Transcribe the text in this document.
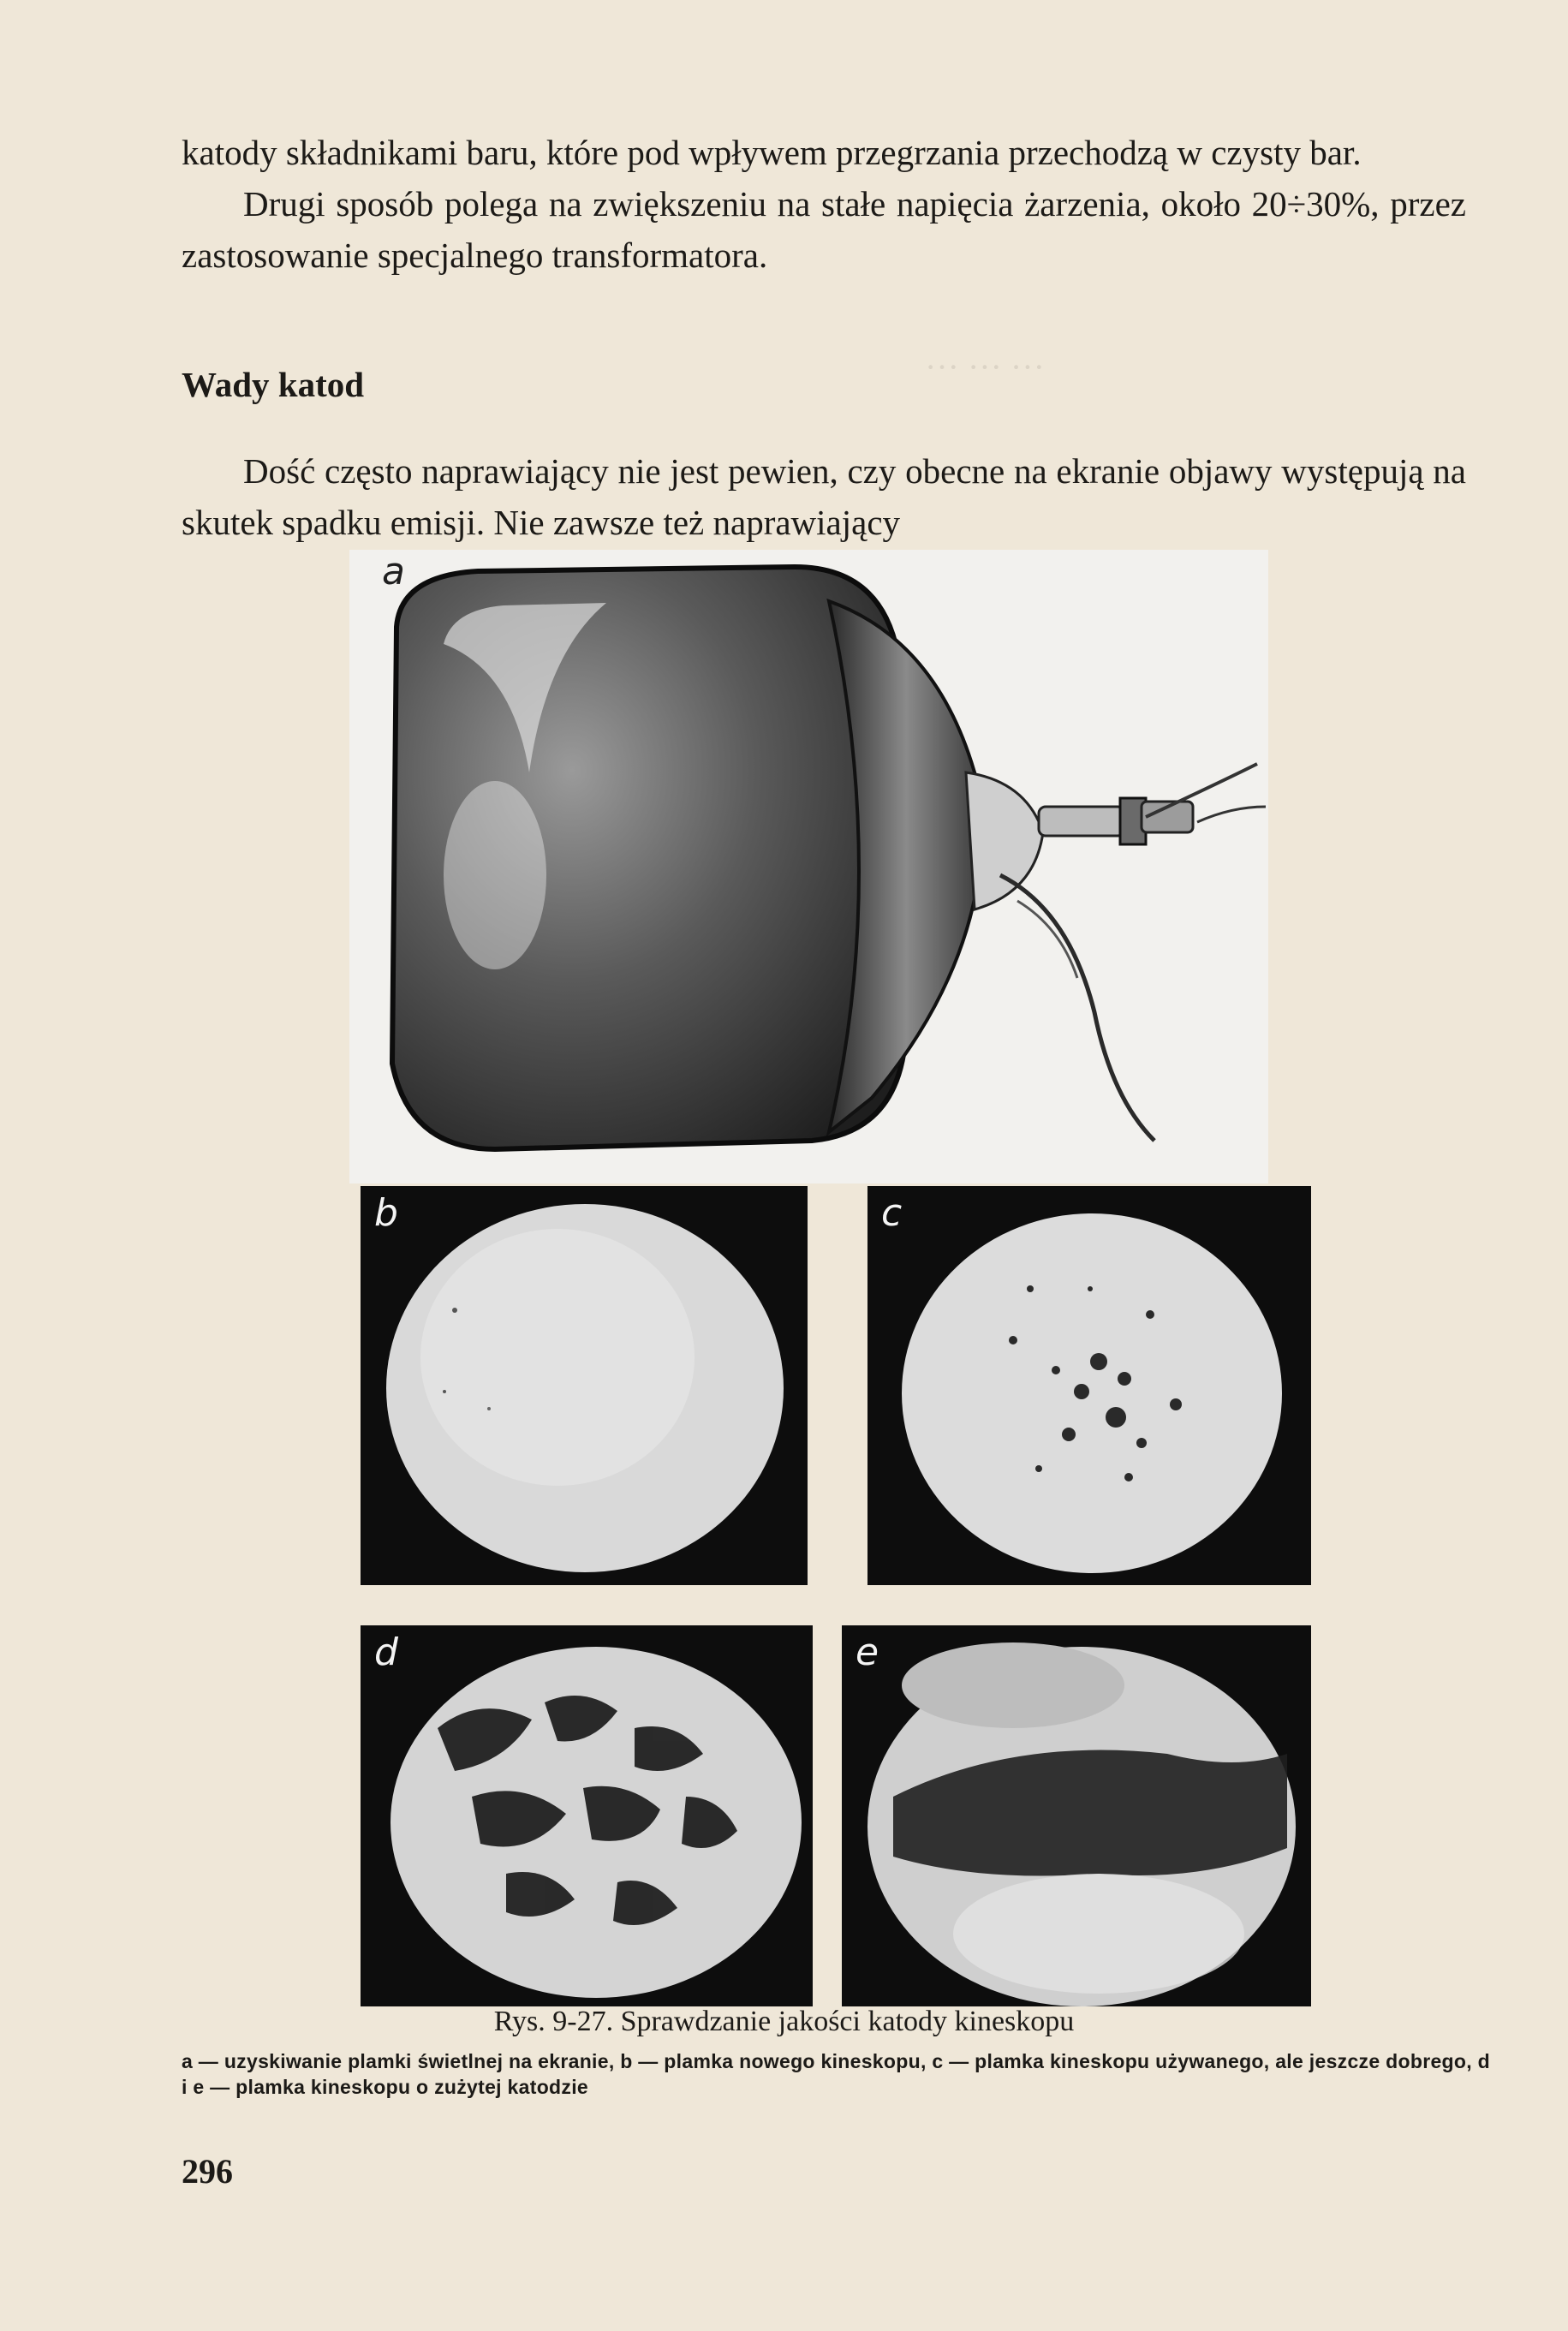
··· ··· ···

katody składnikami baru, które pod wpływem przegrzania przechodzą w czysty bar.

Drugi sposób polega na zwiększeniu na stałe napięcia żarzenia, około 20÷30%, przez zastosowanie specjalnego transformatora.

Wady katod

Dość często naprawiający nie jest pewien, czy obecne na ekranie objawy występują na skutek spadku emisji. Nie zawsze też naprawiający

a
b	c
d	e

Rys. 9-27. Sprawdzanie jakości katody kineskopu

a — uzyskiwanie plamki świetlnej na ekranie, b — plamka nowego kineskopu, c — plamka kineskopu używanego, ale jeszcze dobrego, d i e — plamka kineskopu o zużytej katodzie

296
